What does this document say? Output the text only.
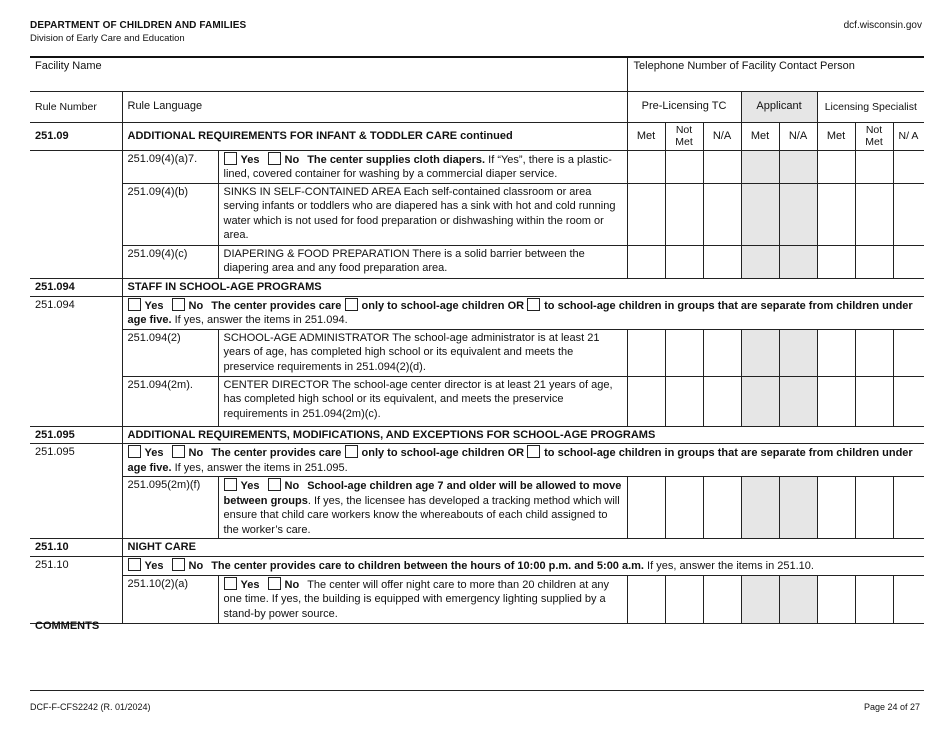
DEPARTMENT OF CHILDREN AND FAMILIES
Division of Early Care and Education
dcf.wisconsin.gov
Facility Name			Telephone Number of Facility Contact Person							
Rule Number	Rule Language		Pre-Licensing TC			Applicant		Licensing Specialist		
251.09	ADDITIONAL REQUIREMENTS FOR INFANT & TODDLER CARE continued		Met	Not Met	N/A	Met	N/A	Met	Not Met	N/ A
	251.09(4)(a)7.	Yes No The center supplies cloth diapers. If “Yes”, there is a plastic-lined, covered container for washing by a commercial diaper service.								
	251.09(4)(b)	SINKS IN SELF-CONTAINED AREA Each self-contained classroom or area serving infants or toddlers who are diapered has a sink with hot and cold running water which is not used for food preparation or dishwashing within the room or area.								
	251.09(4)(c)	DIAPERING & FOOD PREPARATION There is a solid barrier between the diapering area and any food preparation area.								
251.094	STAFF IN SCHOOL-AGE PROGRAMS									
251.094	Yes No The center provides care only to school-age children OR to school-age children in groups that are separate from children under age five. If yes, answer the items in 251.094.									
	251.094(2)	SCHOOL-AGE ADMINISTRATOR The school-age administrator is at least 21 years of age, has completed high school or its equivalent and meets the preservice requirements in 251.094(2)(d).								
	251.094(2m).	CENTER DIRECTOR The school-age center director is at least 21 years of age, has completed high school or its equivalent, and meets the preservice requirements in 251.094(2m)(c).								
251.095	ADDITIONAL REQUIREMENTS, MODIFICATIONS, AND EXCEPTIONS FOR SCHOOL-AGE PROGRAMS									
251.095	Yes No The center provides care only to school-age children OR to school-age children in groups that are separate from children under age five. If yes, answer the items in 251.095.									
	251.095(2m)(f)	Yes No School-age children age 7 and older will be allowed to move between groups. If yes, the licensee has developed a tracking method which will ensure that child care workers know the whereabouts of each child assigned to the worker’s care.								
251.10	NIGHT CARE									
251.10	Yes No The center provides care to children between the hours of 10:00 p.m. and 5:00 a.m. If yes, answer the items in 251.10.									
	251.10(2)(a)	Yes No The center will offer night care to more than 20 children at any one time. If yes, the building is equipped with emergency lighting supplied by a stand-by power source.								
COMMENTS
DCF-F-CFS2242 (R. 01/2024)	Page 24 of 27
